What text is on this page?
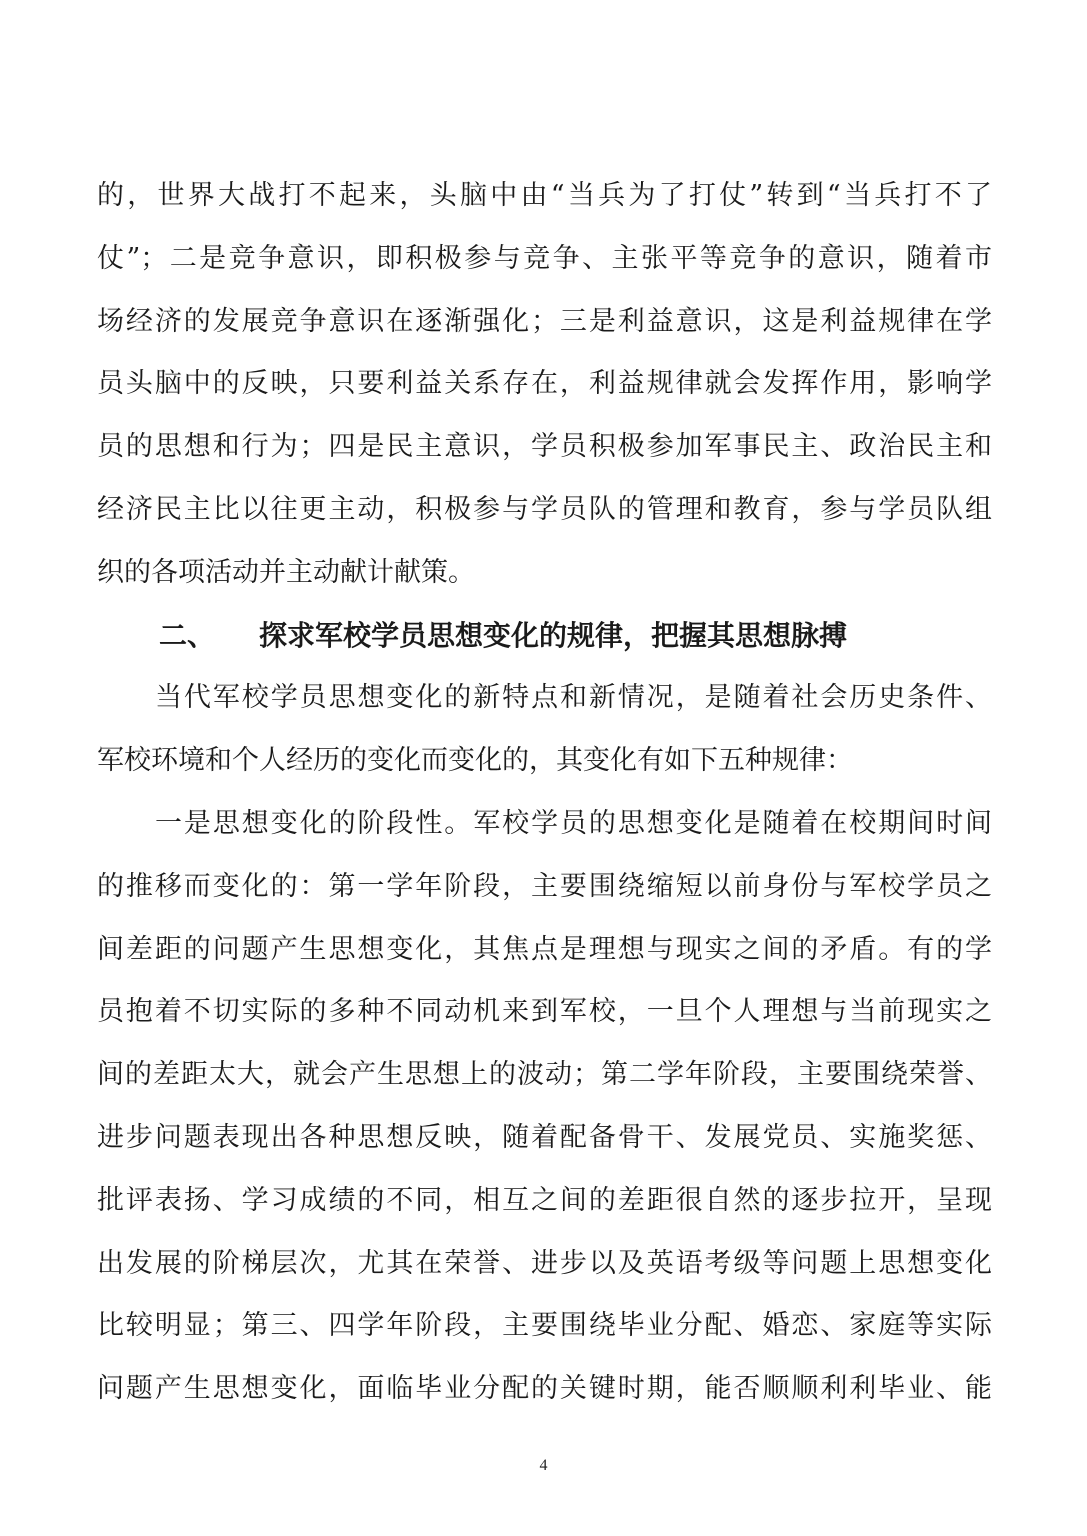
的，世界大战打不起来，头脑中由“当兵为了打仗”转到“当兵打不了
仗”；二是竞争意识，即积极参与竞争、主张平等竞争的意识，随着市
场经济的发展竞争意识在逐渐强化；三是利益意识，这是利益规律在学
员头脑中的反映，只要利益关系存在，利益规律就会发挥作用，影响学
员的思想和行为；四是民主意识，学员积极参加军事民主、政治民主和
经济民主比以往更主动，积极参与学员队的管理和教育，参与学员队组
织的各项活动并主动献计献策。
二、 探求军校学员思想变化的规律，把握其思想脉搏
当代军校学员思想变化的新特点和新情况，是随着社会历史条件、
军校环境和个人经历的变化而变化的，其变化有如下五种规律：
一是思想变化的阶段性。军校学员的思想变化是随着在校期间时间
的推移而变化的：第一学年阶段，主要围绕缩短以前身份与军校学员之
间差距的问题产生思想变化，其焦点是理想与现实之间的矛盾。有的学
员抱着不切实际的多种不同动机来到军校，一旦个人理想与当前现实之
间的差距太大，就会产生思想上的波动；第二学年阶段，主要围绕荣誉、
进步问题表现出各种思想反映，随着配备骨干、发展党员、实施奖惩、
批评表扬、学习成绩的不同，相互之间的差距很自然的逐步拉开，呈现
出发展的阶梯层次，尤其在荣誉、进步以及英语考级等问题上思想变化
比较明显；第三、四学年阶段，主要围绕毕业分配、婚恋、家庭等实际
问题产生思想变化，面临毕业分配的关键时期，能否顺顺利利毕业、能
4
